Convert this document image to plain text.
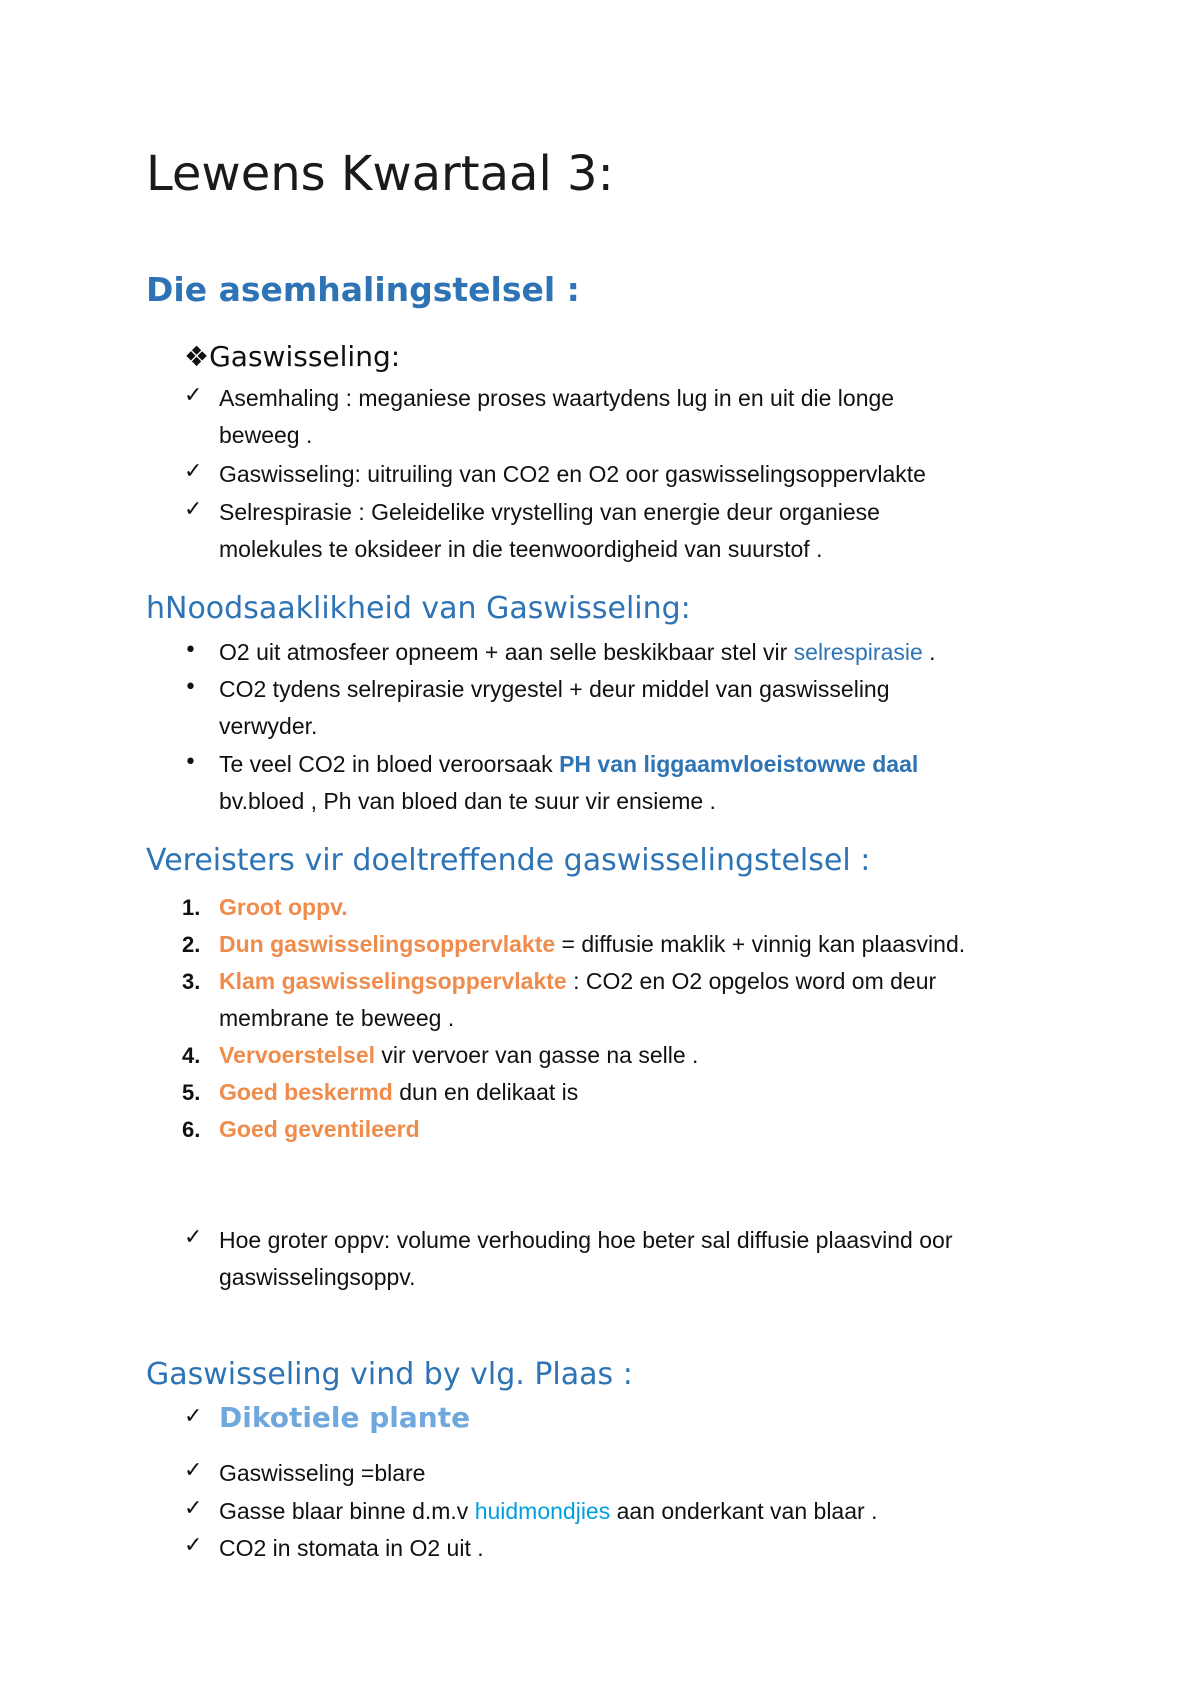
Lewens Kwartaal 3:
Die asemhalingstelsel :
❖Gaswisseling:
✓ Asemhaling : meganiese proses waartydens lug in en uit die longe
beweeg .
✓ Gaswisseling: uitruiling van CO2 en O2 oor gaswisselingsoppervlakte
✓ Selrespirasie : Geleidelike vrystelling van energie deur organiese
molekules te oksideer in die teenwoordigheid van suurstof .
hNoodsaaklikheid van Gaswisseling:
• O2 uit atmosfeer opneem + aan selle beskikbaar stel vir selrespirasie .
• CO2 tydens selrepirasie vrygestel + deur middel van gaswisseling
verwyder.
• Te veel CO2 in bloed veroorsaak PH van liggaamvloeistowwe daal
bv.bloed , Ph van bloed dan te suur vir ensieme .
Vereisters vir doeltreffende gaswisselingstelsel :
1. Groot oppv.
2. Dun gaswisselingsoppervlakte = diffusie maklik + vinnig kan plaasvind.
3. Klam gaswisselingsoppervlakte : CO2 en O2 opgelos word om deur
membrane te beweeg .
4. Vervoerstelsel vir vervoer van gasse na selle .
5. Goed beskermd dun en delikaat is
6. Goed geventileerd
✓ Hoe groter oppv: volume verhouding hoe beter sal diffusie plaasvind oor
gaswisselingsoppv.
Gaswisseling vind by vlg. Plaas :
✓ Dikotiele plante
✓ Gaswisseling =blare
✓ Gasse blaar binne d.m.v huidmondjies aan onderkant van blaar .
✓ CO2 in stomata in O2 uit .
